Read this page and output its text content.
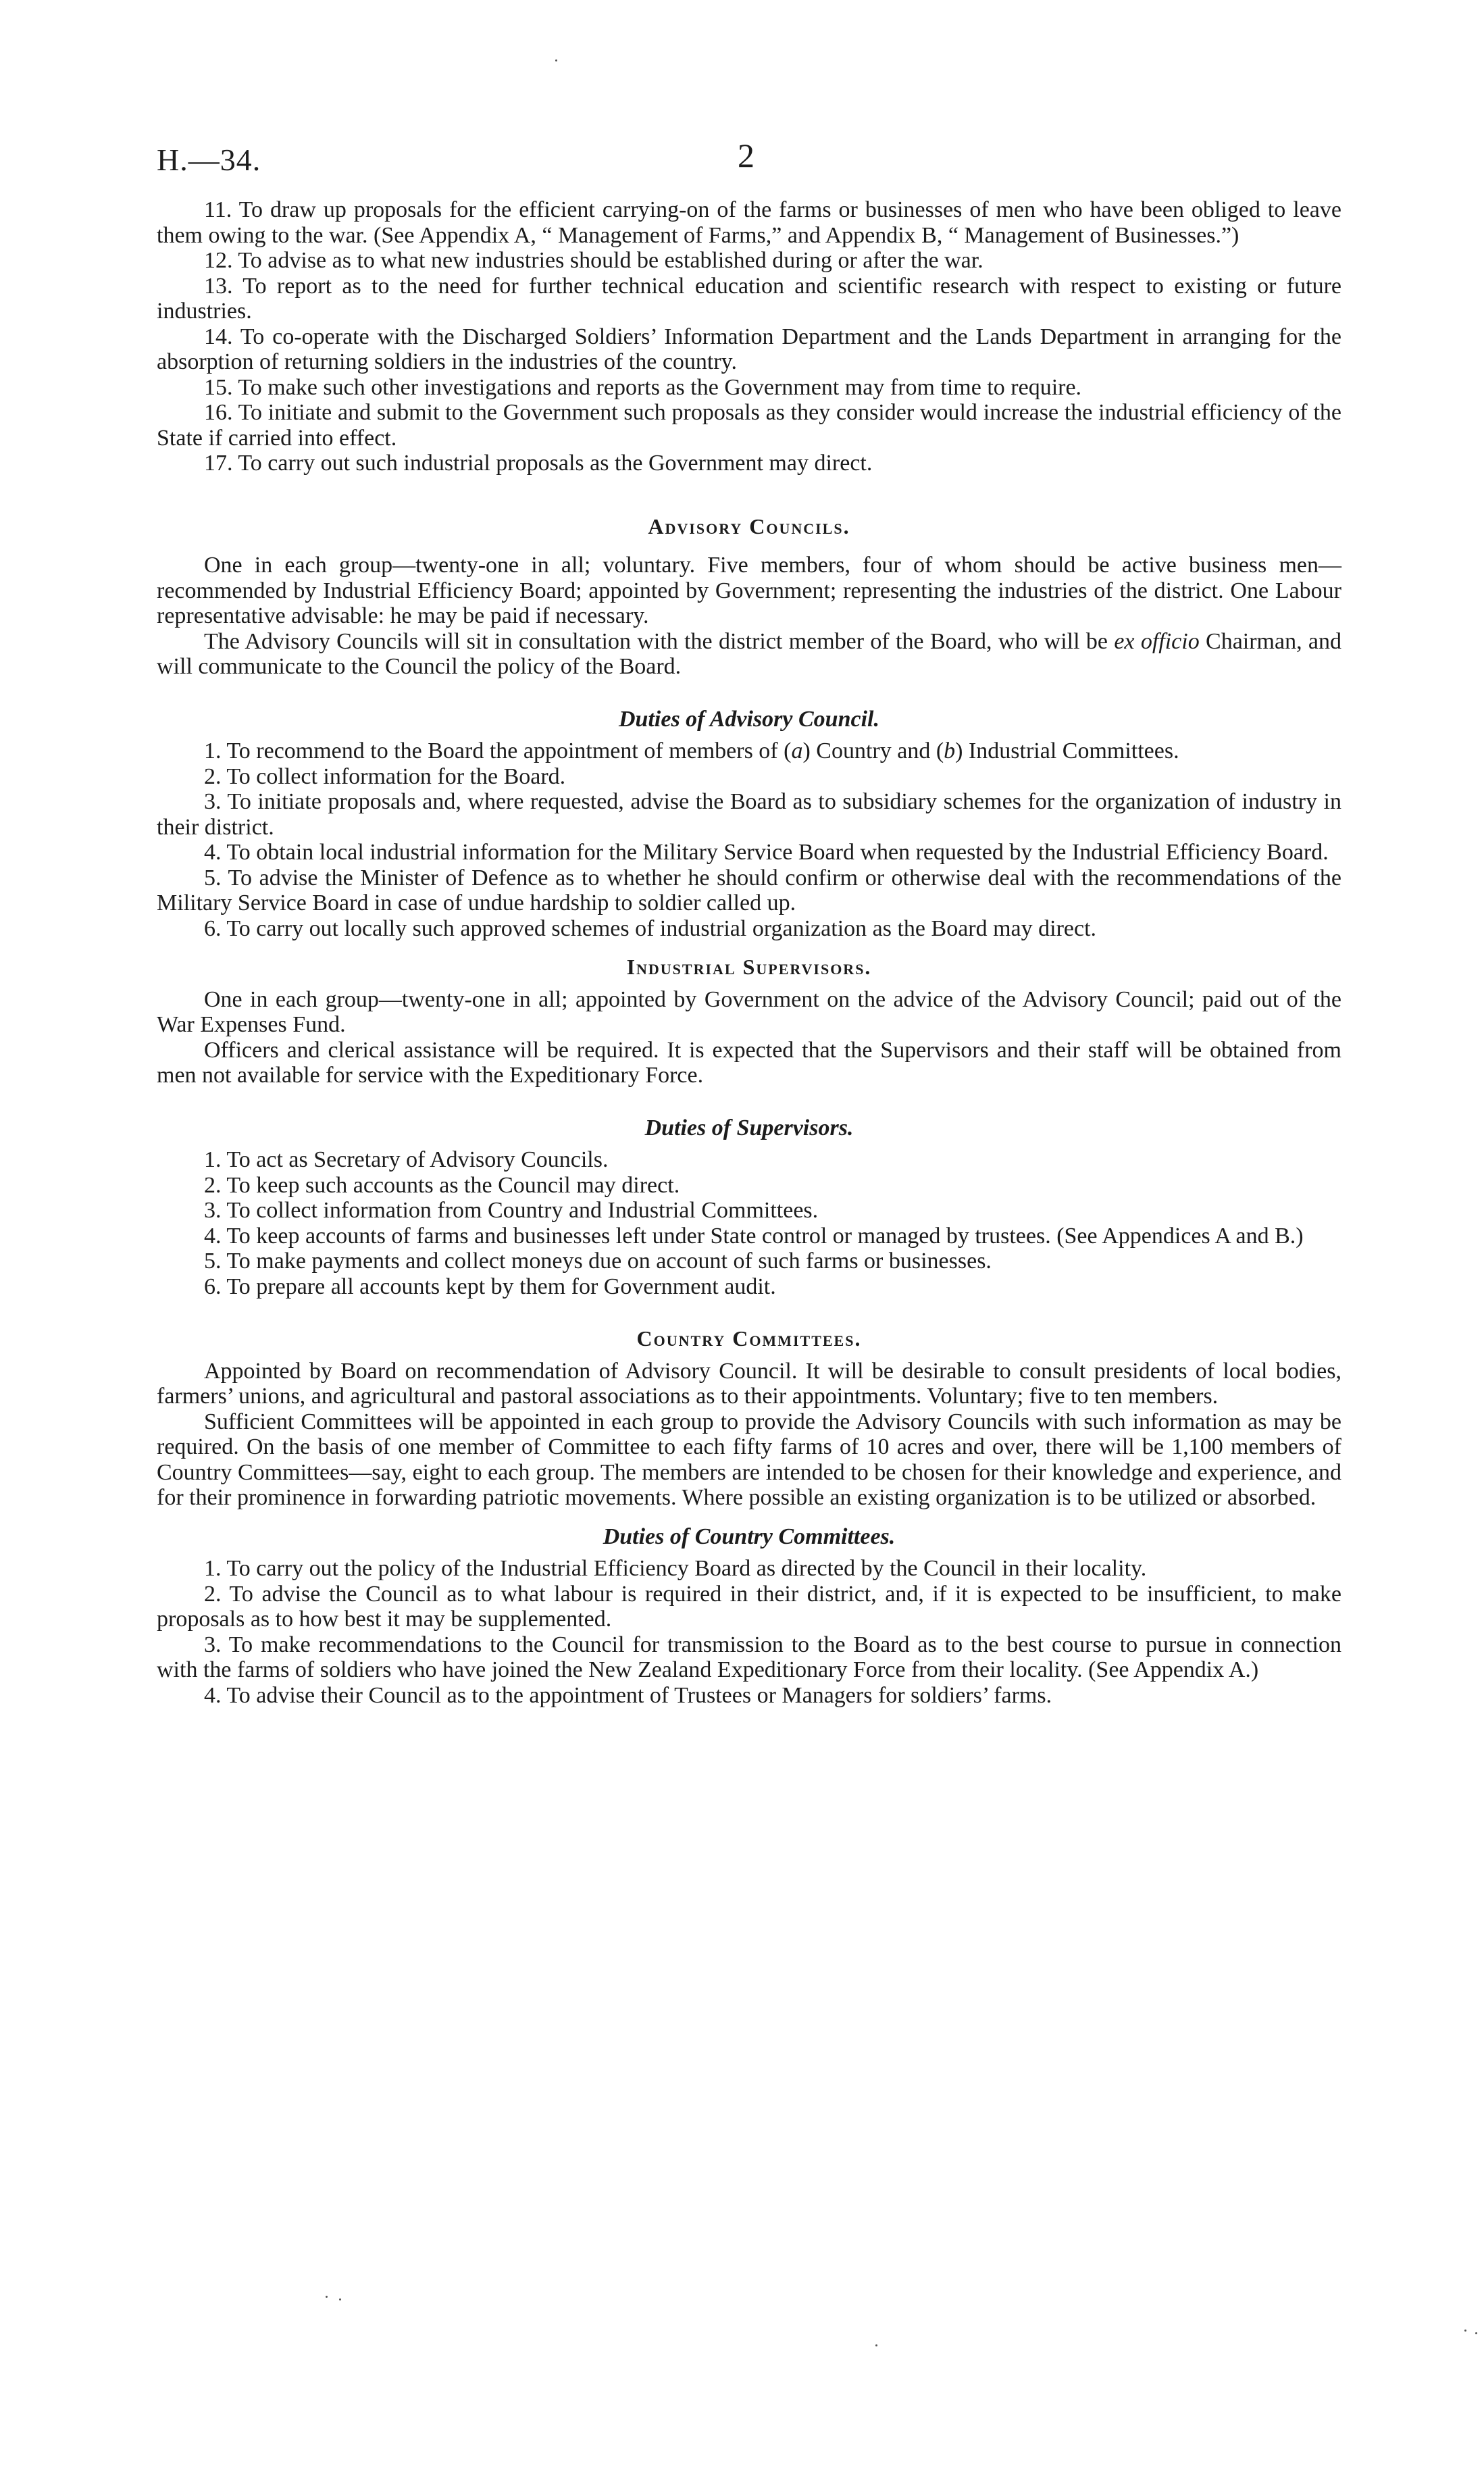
H.—34.	2

11. To draw up proposals for the efficient carrying-on of the farms or businesses of men who have been obliged to leave them owing to the war. (See Appendix A, “ Management of Farms,” and Appendix B, “ Management of Businesses.”)

12. To advise as to what new industries should be established during or after the war.

13. To report as to the need for further technical education and scientific research with respect to existing or future industries.

14. To co-operate with the Discharged Soldiers’ Information Department and the Lands Department in arranging for the absorption of returning soldiers in the industries of the country.

15. To make such other investigations and reports as the Government may from time to require.

16. To initiate and submit to the Government such proposals as they consider would increase the industrial efficiency of the State if carried into effect.

17. To carry out such industrial proposals as the Government may direct.

Advisory Councils.

One in each group—twenty-one in all; voluntary. Five members, four of whom should be active business men—recommended by Industrial Efficiency Board; appointed by Government; representing the industries of the district. One Labour representative advisable: he may be paid if necessary.

The Advisory Councils will sit in consultation with the district member of the Board, who will be ex officio Chairman, and will communicate to the Council the policy of the Board.

Duties of Advisory Council.

1. To recommend to the Board the appointment of members of (a) Country and (b) Industrial Committees.

2. To collect information for the Board.

3. To initiate proposals and, where requested, advise the Board as to subsidiary schemes for the organization of industry in their district.

4. To obtain local industrial information for the Military Service Board when requested by the Industrial Efficiency Board.

5. To advise the Minister of Defence as to whether he should confirm or otherwise deal with the recommendations of the Military Service Board in case of undue hardship to soldier called up.

6. To carry out locally such approved schemes of industrial organization as the Board may direct.

Industrial Supervisors.

One in each group—twenty-one in all; appointed by Government on the advice of the Advisory Council; paid out of the War Expenses Fund.

Officers and clerical assistance will be required. It is expected that the Supervisors and their staff will be obtained from men not available for service with the Expeditionary Force.

Duties of Supervisors.

1. To act as Secretary of Advisory Councils.

2. To keep such accounts as the Council may direct.

3. To collect information from Country and Industrial Committees.

4. To keep accounts of farms and businesses left under State control or managed by trustees. (See Appendices A and B.)

5. To make payments and collect moneys due on account of such farms or businesses.

6. To prepare all accounts kept by them for Government audit.

Country Committees.

Appointed by Board on recommendation of Advisory Council. It will be desirable to consult presidents of local bodies, farmers’ unions, and agricultural and pastoral associations as to their appointments. Voluntary; five to ten members.

Sufficient Committees will be appointed in each group to provide the Advisory Councils with such information as may be required. On the basis of one member of Committee to each fifty farms of 10 acres and over, there will be 1,100 members of Country Committees—say, eight to each group. The members are intended to be chosen for their knowledge and experience, and for their prominence in forwarding patriotic movements. Where possible an existing organization is to be utilized or absorbed.

Duties of Country Committees.

1. To carry out the policy of the Industrial Efficiency Board as directed by the Council in their locality.

2. To advise the Council as to what labour is required in their district, and, if it is expected to be insufficient, to make proposals as to how best it may be supplemented.

3. To make recommendations to the Council for transmission to the Board as to the best course to pursue in connection with the farms of soldiers who have joined the New Zealand Expeditionary Force from their locality. (See Appendix A.)

4. To advise their Council as to the appointment of Trustees or Managers for soldiers’ farms.
